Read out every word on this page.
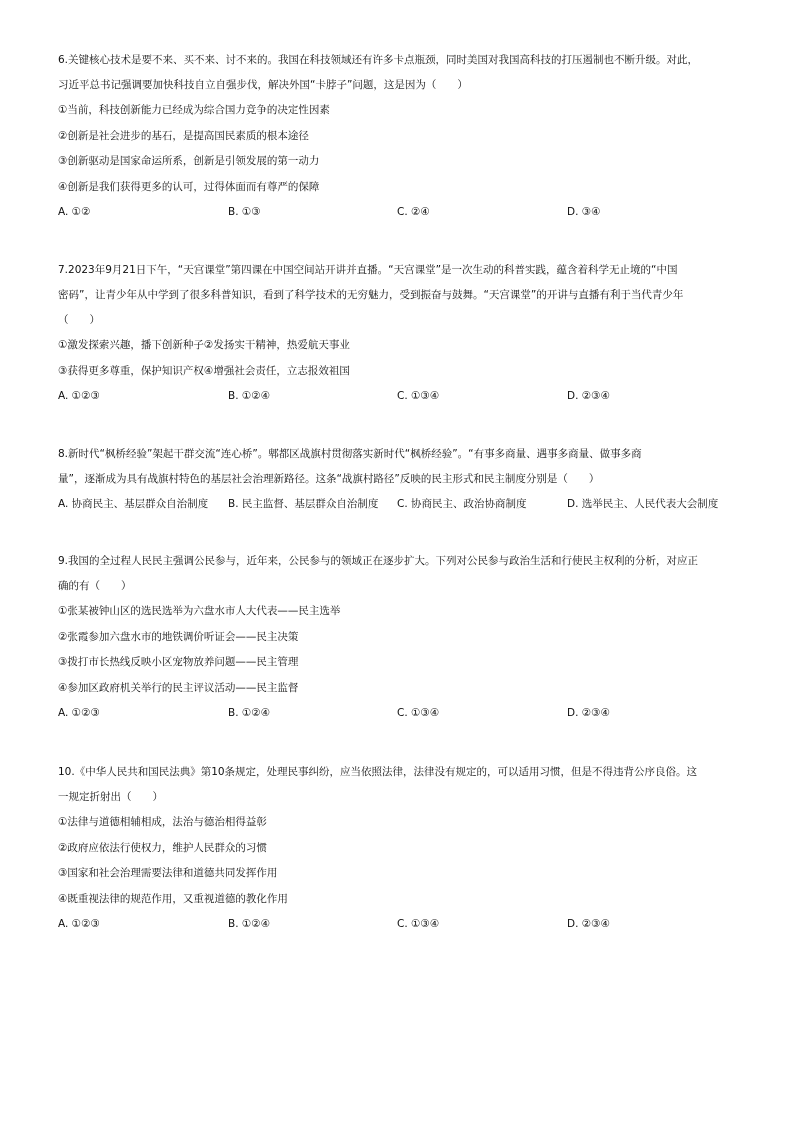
6.关键核心技术是要不来、买不来、讨不来的。我国在科技领域还有许多卡点瓶颈，同时美国对我国高科技的打压遏制也不断升级。对此，
习近平总书记强调要加快科技自立自强步伐，解决外国“卡脖子”问题，这是因为（　　）
①当前，科技创新能力已经成为综合国力竞争的决定性因素
②创新是社会进步的基石，是提高国民素质的根本途径
③创新驱动是国家命运所系，创新是引领发展的第一动力
④创新是我们获得更多的认可，过得体面而有尊严的保障
A. ①②	B. ①③	C. ②④	D. ③④
7.2023年9月21日下午，“天宫课堂”第四课在中国空间站开讲并直播。“天宫课堂”是一次生动的科普实践，蕴含着科学无止境的“中国
密码”，让青少年从中学到了很多科普知识，看到了科学技术的无穷魅力，受到振奋与鼓舞。“天宫课堂”的开讲与直播有利于当代青少年
（　　）
①激发探索兴趣，播下创新种子②发扬实干精神，热爱航天事业
③获得更多尊重，保护知识产权④增强社会责任，立志报效祖国
A. ①②③	B. ①②④	C. ①③④	D. ②③④
8.新时代“枫桥经验”架起干群交流“连心桥”。郫都区战旗村贯彻落实新时代“枫桥经验”。“有事多商量、遇事多商量、做事多商
量”，逐渐成为具有战旗村特色的基层社会治理新路径。这条“战旗村路径”反映的民主形式和民主制度分别是（　　）
A. 协商民主、基层群众自治制度 B. 民主监督、基层群众自治制度 C. 协商民主、政治协商制度	D. 选举民主、人民代表大会制度
9.我国的全过程人民民主强调公民参与，近年来，公民参与的领域正在逐步扩大。下列对公民参与政治生活和行使民主权利的分析，对应正
确的有（　　）
①张某被钟山区的选民选举为六盘水市人大代表——民主选举
②张霞参加六盘水市的地铁调价听证会——民主决策
③拨打市长热线反映小区宠物放养问题——民主管理
④参加区政府机关举行的民主评议活动——民主监督
A. ①②③	B. ①②④	C. ①③④	D. ②③④
10.《中华人民共和国民法典》第10条规定，处理民事纠纷，应当依照法律，法律没有规定的，可以适用习惯，但是不得违背公序良俗。这
一规定折射出（　　）
①法律与道德相辅相成，法治与德治相得益彰
②政府应依法行使权力，维护人民群众的习惯
③国家和社会治理需要法律和道德共同发挥作用
④既重视法律的规范作用，又重视道德的教化作用
A. ①②③	B. ①②④	C. ①③④	D. ②③④
